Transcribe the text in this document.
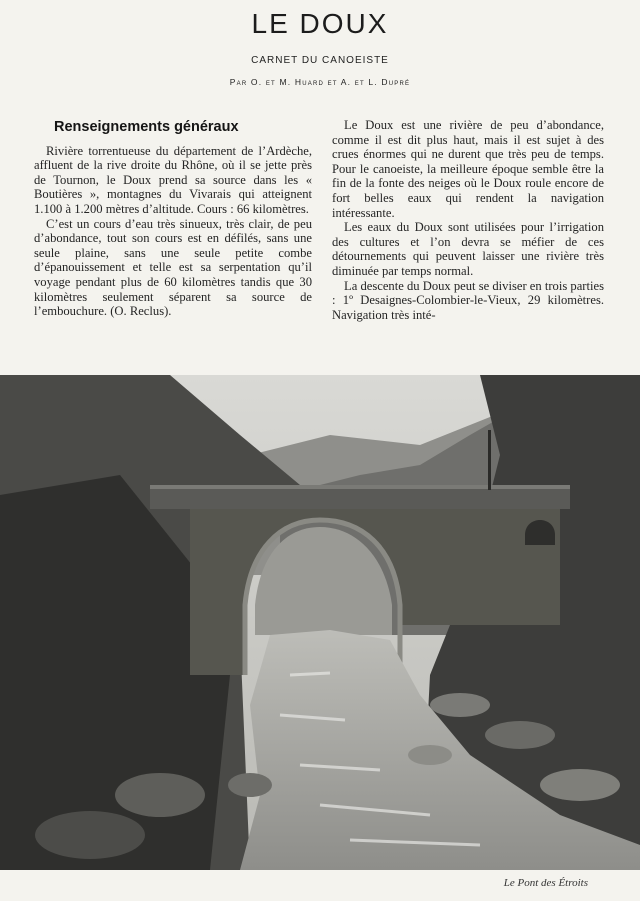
LE DOUX
CARNET DU CANOEISTE
Par O. et M. Huard et A. et L. Dupré
Renseignements généraux

Rivière torrentueuse du département de l’Ardèche, affluent de la rive droite du Rhône, où il se jette près de Tournon, le Doux prend sa source dans les « Boutières », montagnes du Vivarais qui atteignent 1.100 à 1.200 mètres d’altitude. Cours : 66 kilomètres.

C’est un cours d’eau très sinueux, très clair, de peu d’abondance, tout son cours est en défilés, sans une seule plaine, sans une seule petite combe d’épanouissement et telle est sa serpentation qu’il voyage pendant plus de 60 kilomètres tandis que 30 kilomètres seulement séparent sa source de l’embouchure. (O. Reclus).

Le Doux est une rivière de peu d’abondance, comme il est dit plus haut, mais il est sujet à des crues énormes qui ne durent que très peu de temps. Pour le canoeiste, la meilleure époque semble être la fin de la fonte des neiges où le Doux roule encore de fort belles eaux qui rendent la navigation intéressante.

Les eaux du Doux sont utilisées pour l’irrigation des cultures et l’on devra se méfier de ces détournements qui peuvent laisser une rivière très diminuée par temps normal.

La descente du Doux peut se diviser en trois parties : 1º Desaignes-Colombier-le-Vieux, 29 kilomètres. Navigation très inté-

Le Pont des Étroits
